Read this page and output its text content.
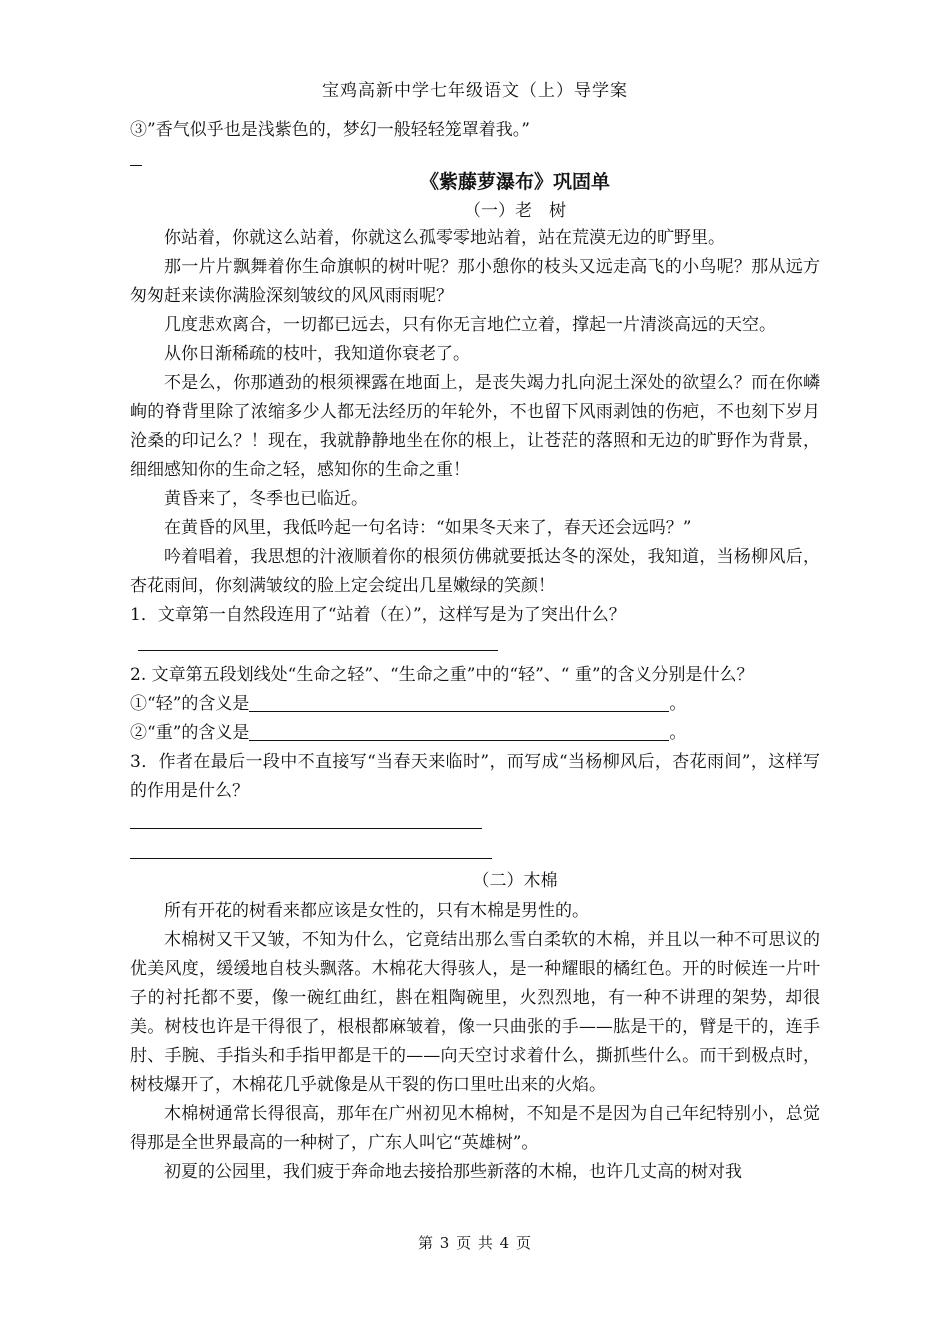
宝鸡高新中学七年级语文（上）导学案
③”香气似乎也是浅紫色的，梦幻一般轻轻笼罩着我。”
《紫藤萝瀑布》巩固单
（一）老　树
你站着，你就这么站着，你就这么孤零零地站着，站在荒漠无边的旷野里。
那一片片飘舞着你生命旗帜的树叶呢？那小憩你的枝头又远走高飞的小鸟呢？那从远方匆匆赶来读你满脸深刻皱纹的风风雨雨呢？
几度悲欢离合，一切都已远去，只有你无言地伫立着，撑起一片清淡高远的天空。
从你日渐稀疏的枝叶，我知道你衰老了。
不是么，你那遒劲的根须裸露在地面上，是丧失竭力扎向泥土深处的欲望么？而在你嶙峋的脊背里除了浓缩多少人都无法经历的年轮外，不也留下风雨剥蚀的伤疤，不也刻下岁月沧桑的印记么？！现在，我就静静地坐在你的根上，让苍茫的落照和无边的旷野作为背景，细细感知你的生命之轻，感知你的生命之重！
黄昏来了，冬季也已临近。
在黄昏的风里，我低吟起一句名诗：“如果冬天来了，春天还会远吗？”
吟着唱着，我思想的汁液顺着你的根须仿佛就要抵达冬的深处，我知道，当杨柳风后，杏花雨间，你刻满皱纹的脸上定会绽出几星嫩绿的笑颜！
1．文章第一自然段连用了“站着（在）”，这样写是为了突出什么？
2. 文章第五段划线处“生命之轻”、“生命之重”中的“轻”、“ 重”的含义分别是什么？
①“轻”的含义是	。
②“重”的含义是	。
3．作者在最后一段中不直接写“当春天来临时”，而写成“当杨柳风后，杏花雨间”，这样写的作用是什么？
（二）木棉
所有开花的树看来都应该是女性的，只有木棉是男性的。
木棉树又干又皱，不知为什么，它竟结出那么雪白柔软的木棉，并且以一种不可思议的优美风度，缓缓地自枝头飘落。木棉花大得骇人，是一种耀眼的橘红色。开的时候连一片叶子的衬托都不要，像一碗红曲红，斟在粗陶碗里，火烈烈地，有一种不讲理的架势，却很美。树枝也许是干得很了，根根都麻皱着，像一只曲张的手——肱是干的，臂是干的，连手肘、手腕、手指头和手指甲都是干的——向天空讨求着什么，撕抓些什么。而干到极点时，树枝爆开了，木棉花几乎就像是从干裂的伤口里吐出来的火焰。
木棉树通常长得很高，那年在广州初见木棉树，不知是不是因为自己年纪特别小，总觉得那是全世界最高的一种树了，广东人叫它“英雄树”。
初夏的公园里，我们疲于奔命地去接拾那些新落的木棉，也许几丈高的树对我
第 3 页 共 4 页
